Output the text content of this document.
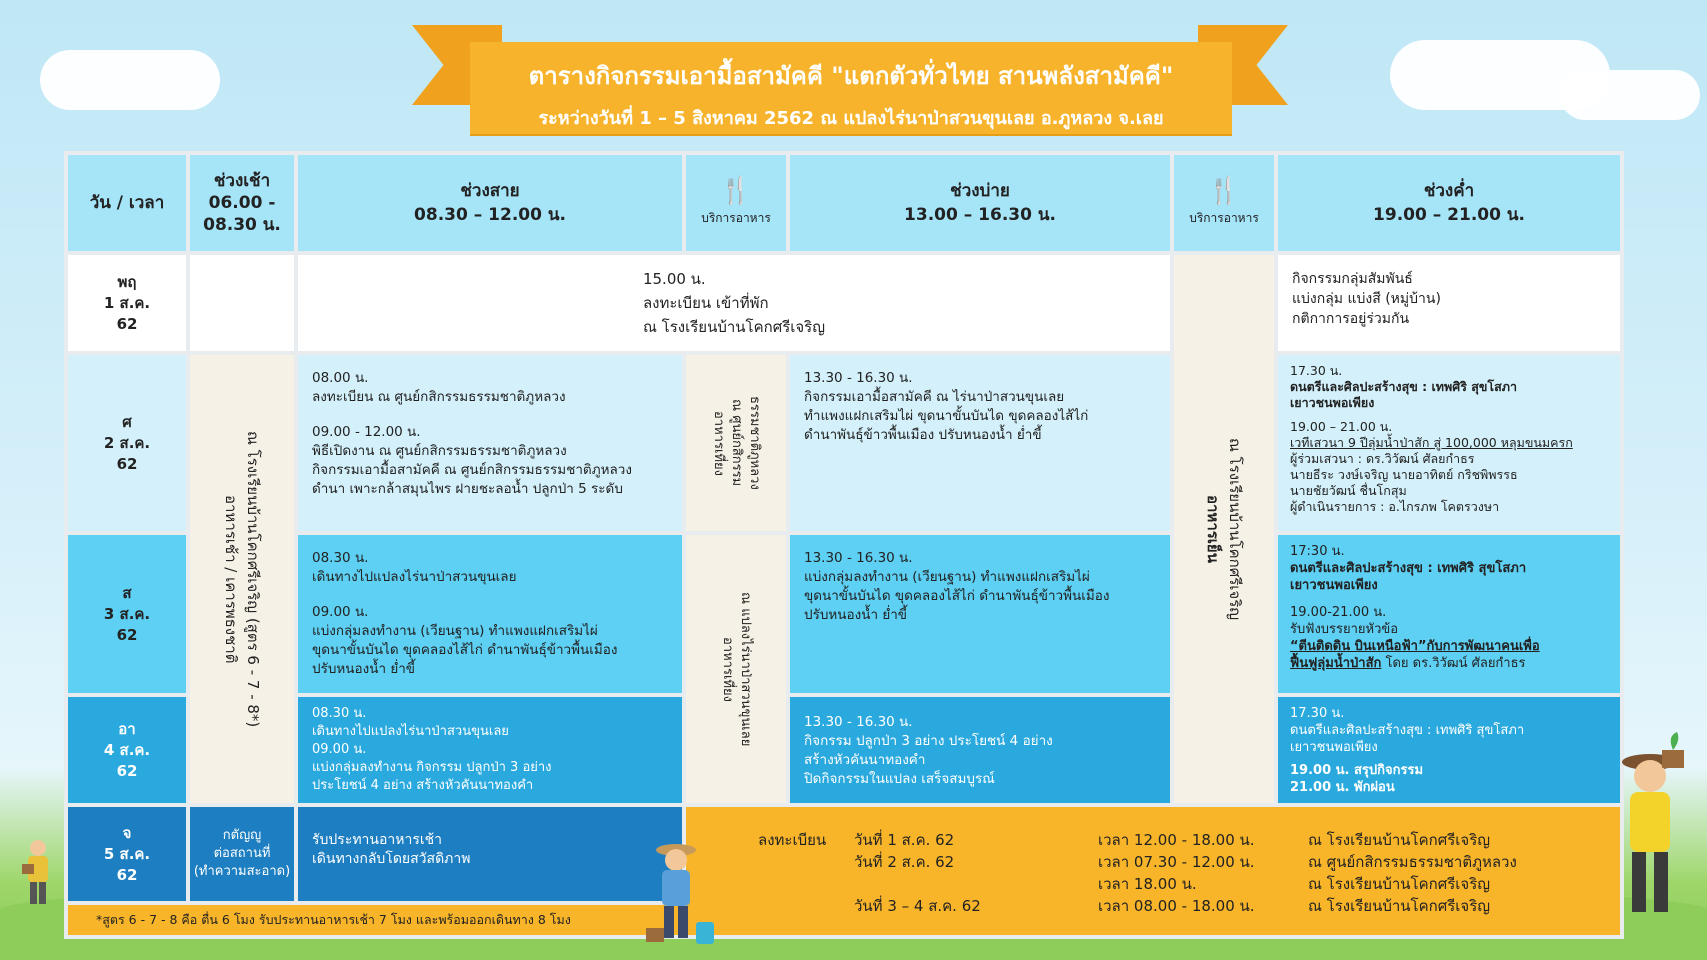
ตารางกิจกรรมเอามื้อสามัคคี "แตกตัวทั่วไทย สานพลังสามัคคี"
ระหว่างวันที่ 1 – 5 สิงหาคม 2562 ณ แปลงไร่นาป่าสวนขุนเลย อ.ภูหลวง จ.เลย
วัน / เวลา
ช่วงเช้า
06.00 - 08.30 น.
ช่วงสาย
08.30 – 12.00 น.
🍴
บริการอาหาร
ช่วงบ่าย
13.00 – 16.30 น.
🍴
บริการอาหาร
ช่วงค่ำ
19.00 – 21.00 น.
พฤ
1 ส.ค.
62
ศ
2 ส.ค.
62
ส
3 ส.ค.
62
อา
4 ส.ค.
62
จ
5 ส.ค.
62

15.00 น.

ลงทะเบียน เข้าที่พัก

ณ โรงเรียนบ้านโคกศรีเจริญ

กิจกรรมกลุ่มสัมพันธ์

แบ่งกลุ่ม แบ่งสี (หมู่บ้าน)

กติกาการอยู่ร่วมกัน

อาหารเช้า / เคารพธงชาติ ณ โรงเรียนบ้านโคกศรีเจริญ (สูตร 6 - 7 - 8*)	อาหารเย็น ณ โรงเรียนบ้านโคกศรีเจริญ

08.00 น.

ลงทะเบียน ณ ศูนย์กสิกรรมธรรมชาติภูหลวง

09.00 - 12.00 น.

พิธีเปิดงาน ณ ศูนย์กสิกรรมธรรมชาติภูหลวง

กิจกรรมเอามื้อสามัคคี ณ ศูนย์กสิกรรมธรรมชาติภูหลวง

ดำนา เพาะกล้าสมุนไพร ฝายชะลอน้ำ ปลูกป่า 5 ระดับ

อาหารเที่ยง ณ ศูนย์กสิกรรม ธรรมชาติภูหลวง

13.30 - 16.30 น.

กิจกรรมเอามื้อสามัคคี ณ ไร่นาป่าสวนขุนเลย

ทำแพงแฝกเสริมไผ่ ขุดนาขั้นบันได ขุดคลองไส้ไก่

ดำนาพันธุ์ข้าวพื้นเมือง ปรับหนองน้ำ ย่ำขี้

17.30 น.

ดนตรีและศิลปะสร้างสุข : เทพศิริ สุขโสภา

เยาวชนพอเพียง

19.00 – 21.00 น.

เวทีเสวนา 9 ปีลุ่มน้ำป่าสัก สู่ 100,000 หลุมขนมครก

ผู้ร่วมเสวนา : ดร.วิวัฒน์ ศัลยกำธร

นายธีระ วงษ์เจริญ นายอาทิตย์ กริชพิพรรธ

นายชัยวัฒน์ ชื่นโกสุม

ผู้ดำเนินรายการ : อ.ไกรภพ โคตรวงษา

08.30 น.

เดินทางไปแปลงไร่นาป่าสวนขุนเลย

09.00 น.

แบ่งกลุ่มลงทำงาน (เวียนฐาน) ทำแพงแฝกเสริมไผ่

ขุดนาขั้นบันได ขุดคลองไส้ไก่ ดำนาพันธุ์ข้าวพื้นเมือง

ปรับหนองน้ำ ย่ำขี้	อาหารเที่ยง ณ แปลงไร่นาป่าสวนขุนเลย

13.30 - 16.30 น.

แบ่งกลุ่มลงทำงาน (เวียนฐาน) ทำแพงแฝกเสริมไผ่

ขุดนาขั้นบันได ขุดคลองไส้ไก่ ดำนาพันธุ์ข้าวพื้นเมือง

ปรับหนองน้ำ ย่ำขี้

17:30 น.

ดนตรีและศิลปะสร้างสุข : เทพศิริ สุขโสภา

เยาวชนพอเพียง

19.00-21.00 น.

รับฟังบรรยายหัวข้อ

“ตีนติดดิน บินเหนือฟ้า”กับการพัฒนาคนเพื่อ

ฟื้นฟูลุ่มน้ำป่าสัก โดย ดร.วิวัฒน์ ศัลยกำธร

08.30 น.

เดินทางไปแปลงไร่นาป่าสวนขุนเลย

09.00 น.

แบ่งกลุ่มลงทำงาน กิจกรรม ปลูกป่า 3 อย่าง

ประโยชน์ 4 อย่าง สร้างหัวคันนาทองคำ

13.30 - 16.30 น.

กิจกรรม ปลูกป่า 3 อย่าง ประโยชน์ 4 อย่าง

สร้างหัวคันนาทองคำ

ปิดกิจกรรมในแปลง เสร็จสมบูรณ์

17.30 น.

ดนตรีและศิลปะสร้างสุข : เทพศิริ สุขโสภา

เยาวชนพอเพียง

19.00 น. สรุปกิจกรรม

21.00 น. พักผ่อน

กตัญญู
ต่อสถานที่
(ทำความสะอาด)

รับประทานอาหารเช้า

เดินทางกลับโดยสวัสดิภาพ

ลงทะเบียน วันที่ 1 ส.ค. 62

วันที่ 2 ส.ค. 62

วันที่ 3 – 4 ส.ค. 62

เวลา 12.00 - 18.00 น.

เวลา 07.30 - 12.00 น.

เวลา 18.00 น.

เวลา 08.00 - 18.00 น.

ณ โรงเรียนบ้านโคกศรีเจริญ

ณ ศูนย์กสิกรรมธรรมชาติภูหลวง

ณ โรงเรียนบ้านโคกศรีเจริญ

ณ โรงเรียนบ้านโคกศรีเจริญ

*สูตร 6 - 7 - 8 คือ ตื่น 6 โมง รับประทานอาหารเช้า 7 โมง และพร้อมออกเดินทาง 8 โมง
